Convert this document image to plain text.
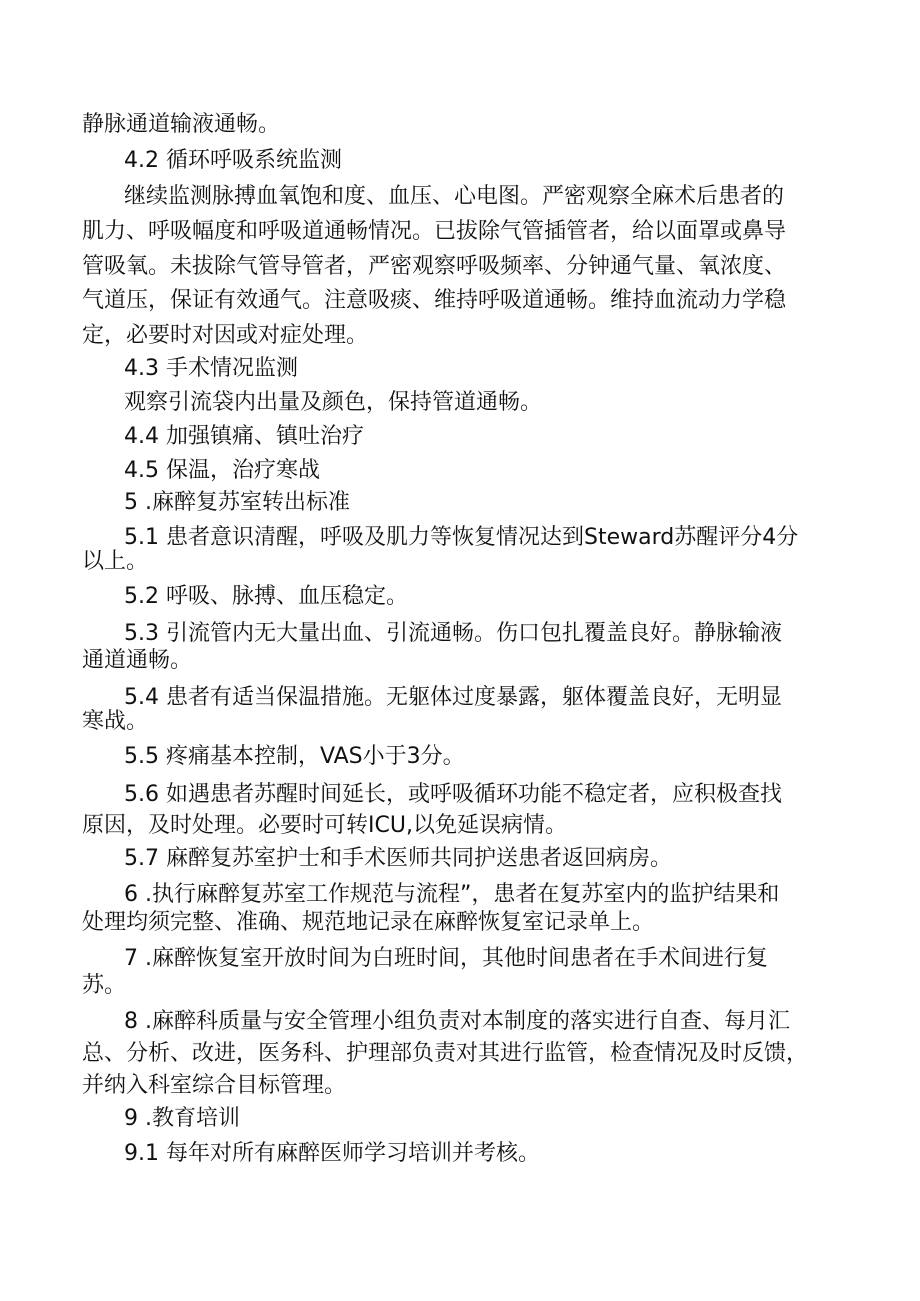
静脉通道输液通畅。
4.2 循环呼吸系统监测
继续监测脉搏血氧饱和度、血压、心电图。严密观察全麻术后患者的
肌力、呼吸幅度和呼吸道通畅情况。已拔除气管插管者，给以面罩或鼻导
管吸氧。未拔除气管导管者，严密观察呼吸频率、分钟通气量、氧浓度、
气道压，保证有效通气。注意吸痰、维持呼吸道通畅。维持血流动力学稳
定，必要时对因或对症处理。
4.3 手术情况监测
观察引流袋内出量及颜色，保持管道通畅。
4.4 加强镇痛、镇吐治疗
4.5 保温，治疗寒战
5 .麻醉复苏室转出标准
5.1 患者意识清醒，呼吸及肌力等恢复情况达到Steward苏醒评分4分
以上。
5.2 呼吸、脉搏、血压稳定。
5.3 引流管内无大量出血、引流通畅。伤口包扎覆盖良好。静脉输液
通道通畅。
5.4 患者有适当保温措施。无躯体过度暴露，躯体覆盖良好，无明显
寒战。
5.5 疼痛基本控制，VAS小于3分。
5.6 如遇患者苏醒时间延长，或呼吸循环功能不稳定者，应积极查找
原因，及时处理。必要时可转ICU,以免延误病情。
5.7 麻醉复苏室护士和手术医师共同护送患者返回病房。
6 .执行麻醉复苏室工作规范与流程”，患者在复苏室内的监护结果和
处理均须完整、准确、规范地记录在麻醉恢复室记录单上。
7 .麻醉恢复室开放时间为白班时间，其他时间患者在手术间进行复
苏。
8 .麻醉科质量与安全管理小组负责对本制度的落实进行自查、每月汇
总、分析、改进，医务科、护理部负责对其进行监管，检查情况及时反馈，
并纳入科室综合目标管理。
9 .教育培训
9.1 每年对所有麻醉医师学习培训并考核。
